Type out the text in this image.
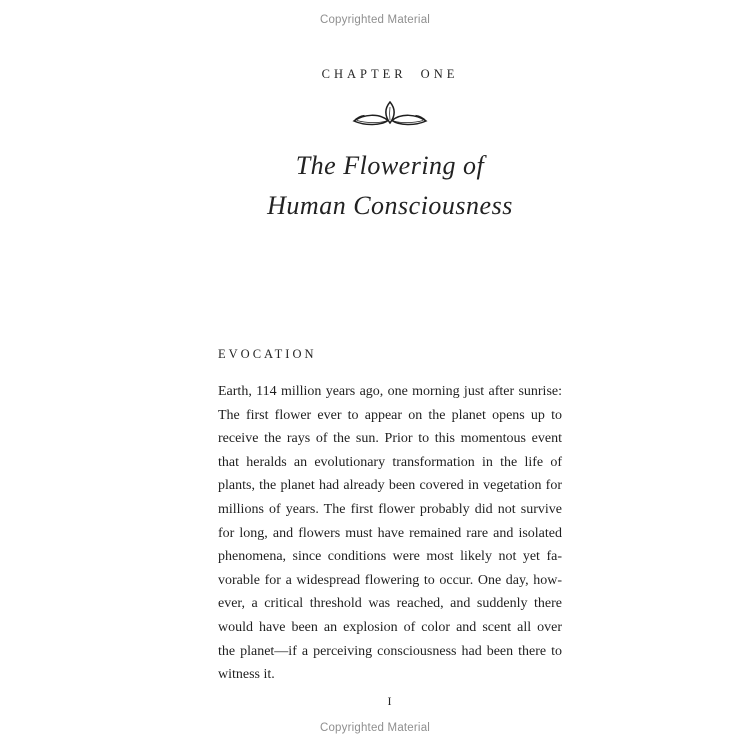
Copyrighted Material
CHAPTER ONE
The Flowering of
Human Consciousness
EVOCATION
Earth, 114 million years ago, one morning just after sunrise:
The first flower ever to appear on the planet opens up to
receive the rays of the sun. Prior to this momentous event
that heralds an evolutionary transformation in the life of
plants, the planet had already been covered in vegetation for
millions of years. The first flower probably did not survive
for long, and flowers must have remained rare and isolated
phenomena, since conditions were most likely not yet fa-
vorable for a widespread flowering to occur. One day, how-
ever, a critical threshold was reached, and suddenly there
would have been an explosion of color and scent all over
the planet—if a perceiving consciousness had been there to
witness it.
I
Copyrighted Material
